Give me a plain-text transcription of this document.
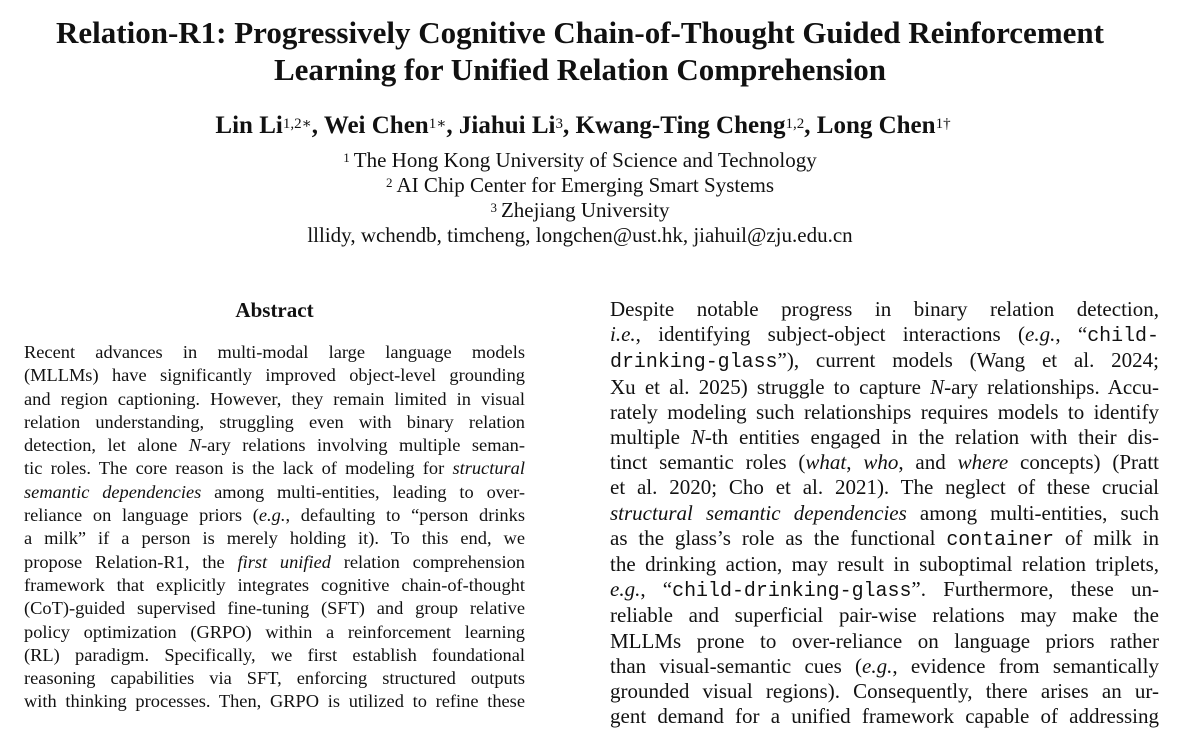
Relation-R1: Progressively Cognitive Chain-of-Thought Guided Reinforcement
Learning for Unified Relation Comprehension
Lin $Li^{1,2∗}$, Wei Chen$^{1∗}$, Jiahui Li$^3$, Kwang-Ting Cheng$^{1,2}$, Long Chen$^{1\dagger}$
$^1$ The Hong Kong University of Science and Technology
$^2$ AI Chip Center for Emerging Smart Systems
$^3$ Zhejiang University
lllidy, wchendb, timcheng, longchen@ust.hk, jiahuil@zju.edu.cn
Abstract
Recent advances in multi-modal large language models
(MLLMs) have significantly improved object-level grounding
and region captioning. However, they remain limited in visual
relation understanding, struggling even with binary relation
detection, let alone N-ary relations involving multiple seman-
tic roles. The core reason is the lack of modeling for structural
semantic dependencies among multi-entities, leading to over-
reliance on language priors (e.g., defaulting to “person drinks
a milk” if a person is merely holding it). To this end, we
propose Relation-R1, the first unified relation comprehension
framework that explicitly integrates cognitive chain-of-thought
(CoT)-guided supervised fine-tuning (SFT) and group relative
policy optimization (GRPO) within a reinforcement learning
(RL) paradigm. Specifically, we first establish foundational
reasoning capabilities via SFT, enforcing structured outputs
with thinking processes. Then, GRPO is utilized to refine these
Despite notable progress in binary relation detection,
i.e., identifying subject-object interactions (e.g., “child-
drinking-glass”), current models (Wang et al. 2024;
Xu et al. 2025) struggle to capture N-ary relationships. Accu-
rately modeling such relationships requires models to identify
multiple N-th entities engaged in the relation with their dis-
tinct semantic roles (what, who, and where concepts) (Pratt
et al. 2020; Cho et al. 2021). The neglect of these crucial
structural semantic dependencies among multi-entities, such
as the glass’s role as the functional container of milk in
the drinking action, may result in suboptimal relation triplets,
e.g., “child-drinking-glass”. Furthermore, these un-
reliable and superficial pair-wise relations may make the
MLLMs prone to over-reliance on language priors rather
than visual-semantic cues (e.g., evidence from semantically
grounded visual regions). Consequently, there arises an ur-
gent demand for a unified framework capable of addressing
